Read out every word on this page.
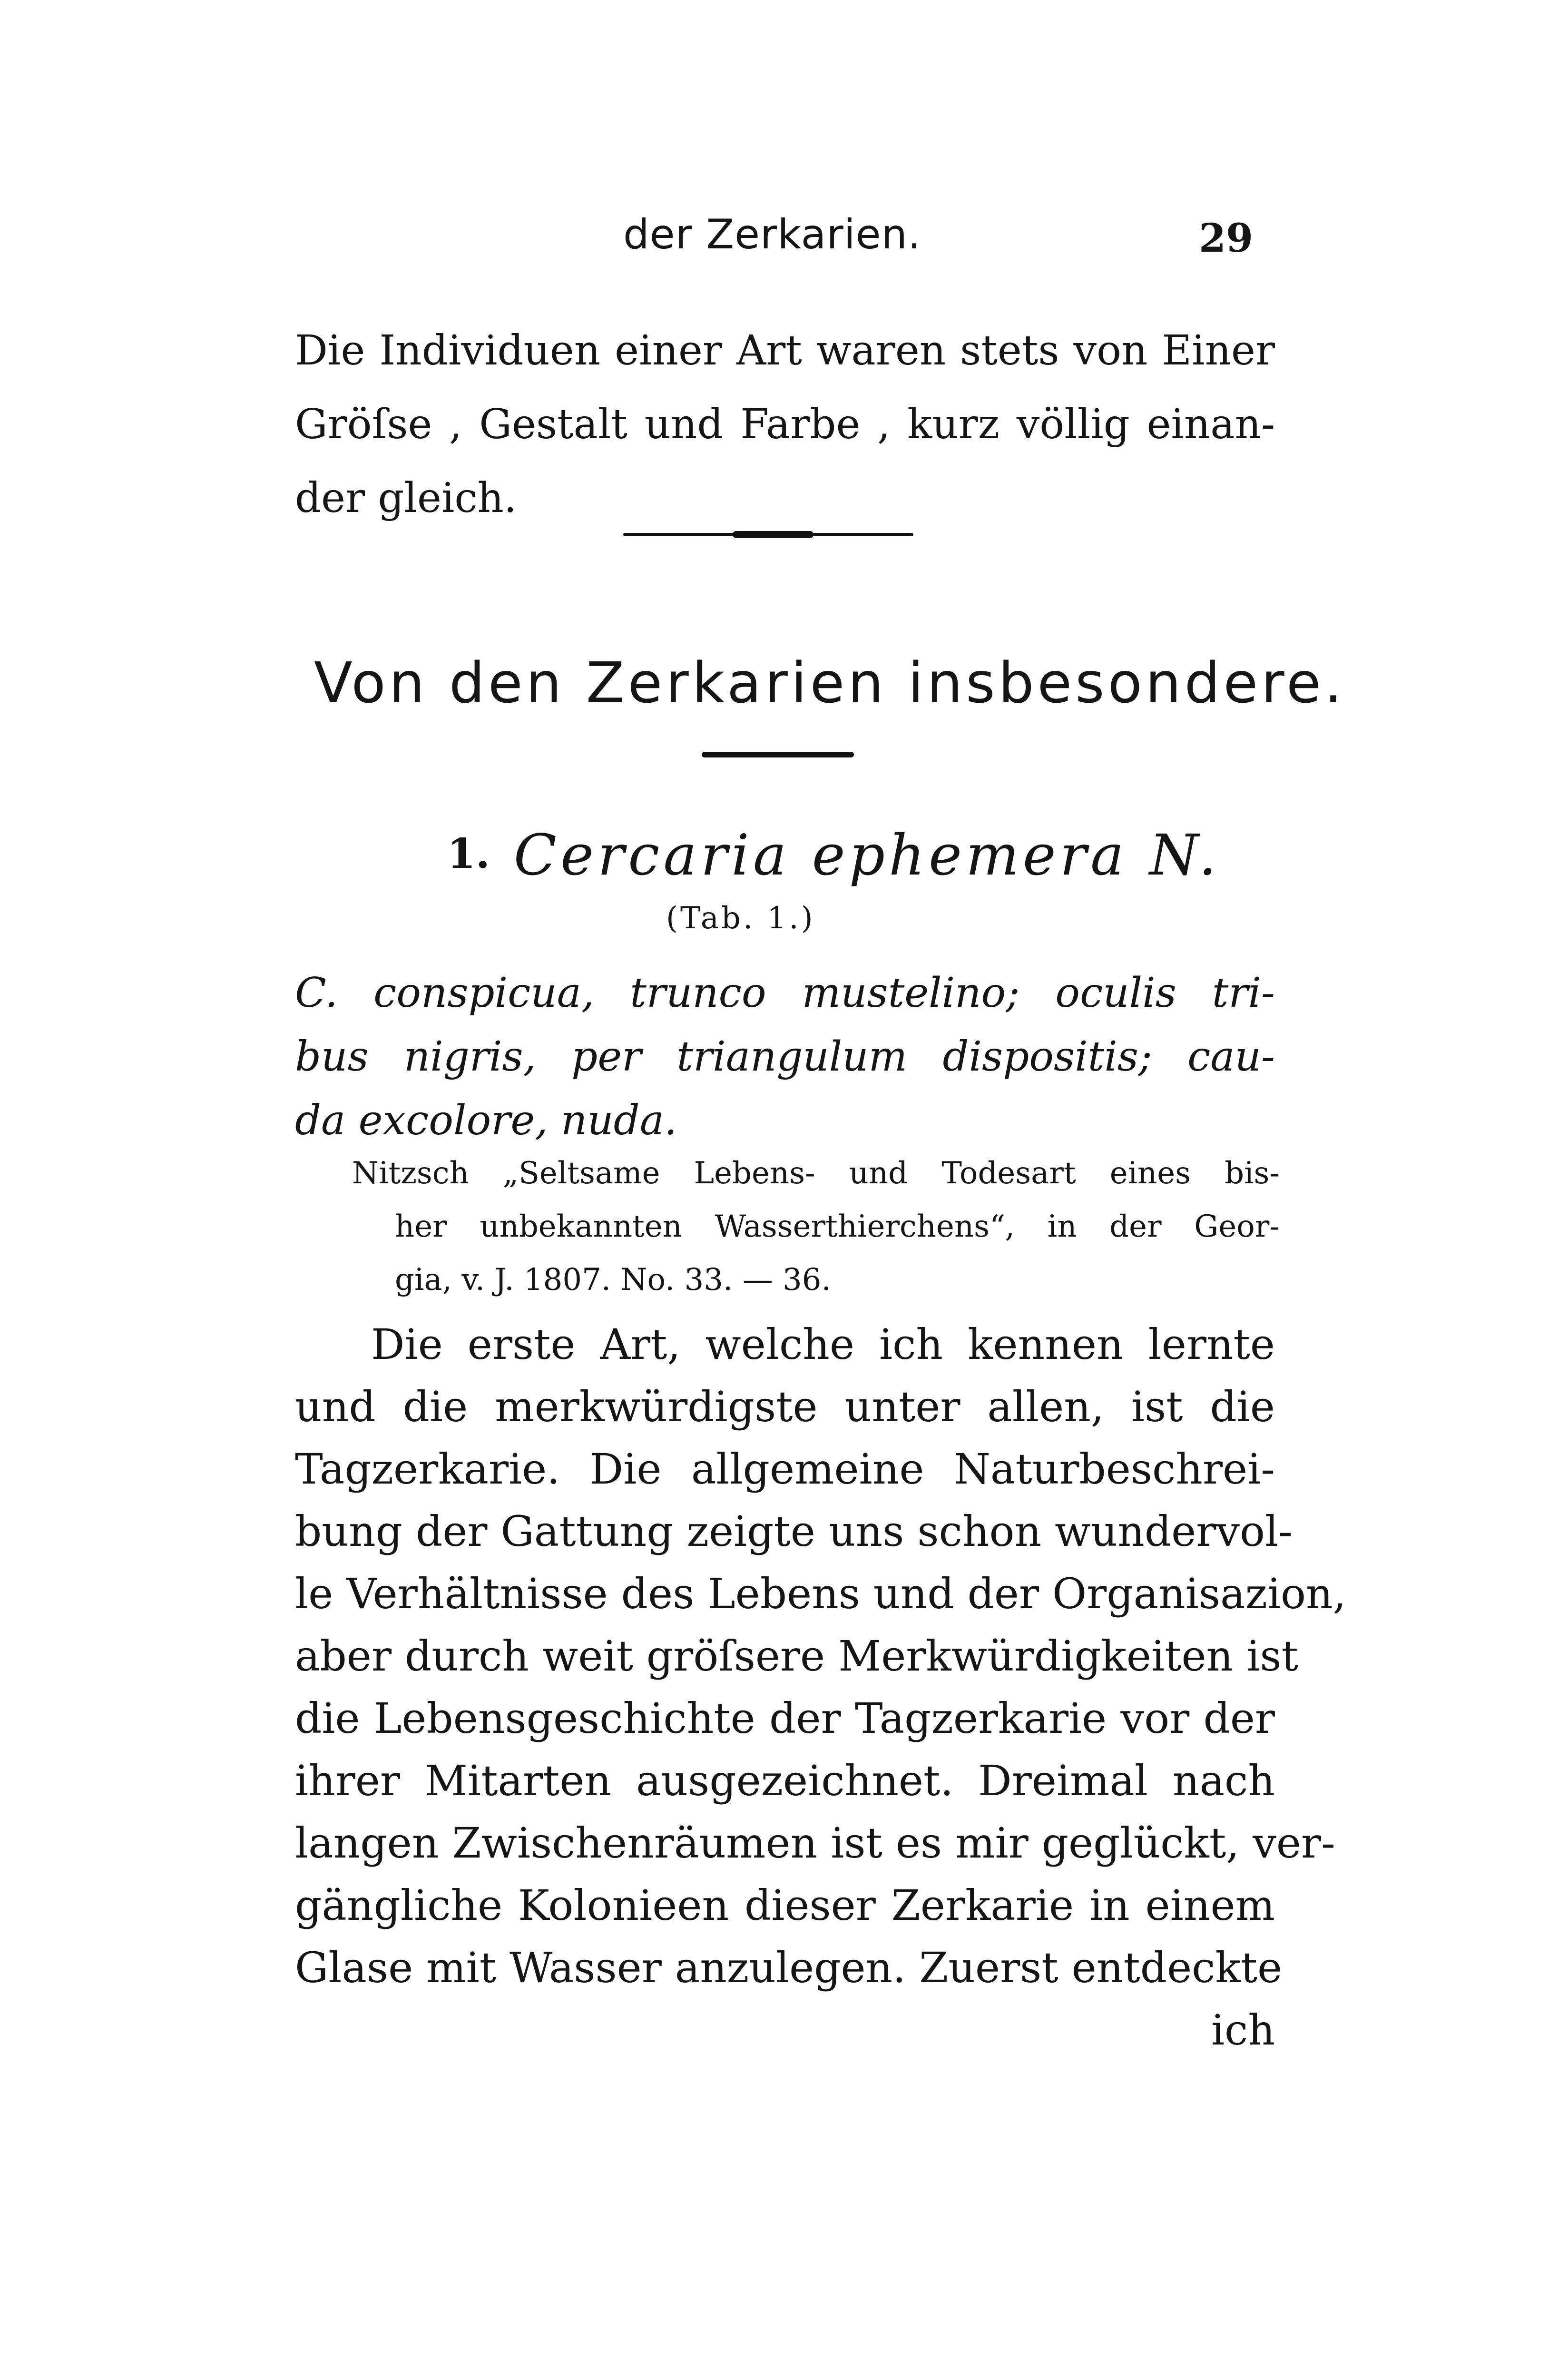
der Zerkarien.	29

Die Individuen einer Art waren stets von Einer
Gröſse , Gestalt und Farbe , kurz völlig einan-
der gleich.

Von den Zerkarien insbesondere.
1. Cercaria ephemera N.
(Tab. 1.)

C. conspicua, trunco mustelino; oculis tri-
bus nigris, per triangulum dispositis; cau-
da excolore, nuda.

Nitzsch „Seltsame Lebens- und Todesart eines bis-
her unbekannten Wasserthierchens“, in der Geor-
gia, v. J. 1807. No. 33. — 36.

Die erste Art, welche ich kennen lernte
und die merkwürdigste unter allen, ist die
Tagzerkarie. Die allgemeine Naturbeschrei-
bung der Gattung zeigte uns schon wundervol-
le Verhältnisse des Lebens und der Organisazion,
aber durch weit gröſsere Merkwürdigkeiten ist
die Lebensgeschichte der Tagzerkarie vor der
ihrer Mitarten ausgezeichnet. Dreimal nach
langen Zwischenräumen ist es mir geglückt, ver-
gängliche Kolonieen dieser Zerkarie in einem
Glase mit Wasser anzulegen. Zuerst entdeckte
ich
